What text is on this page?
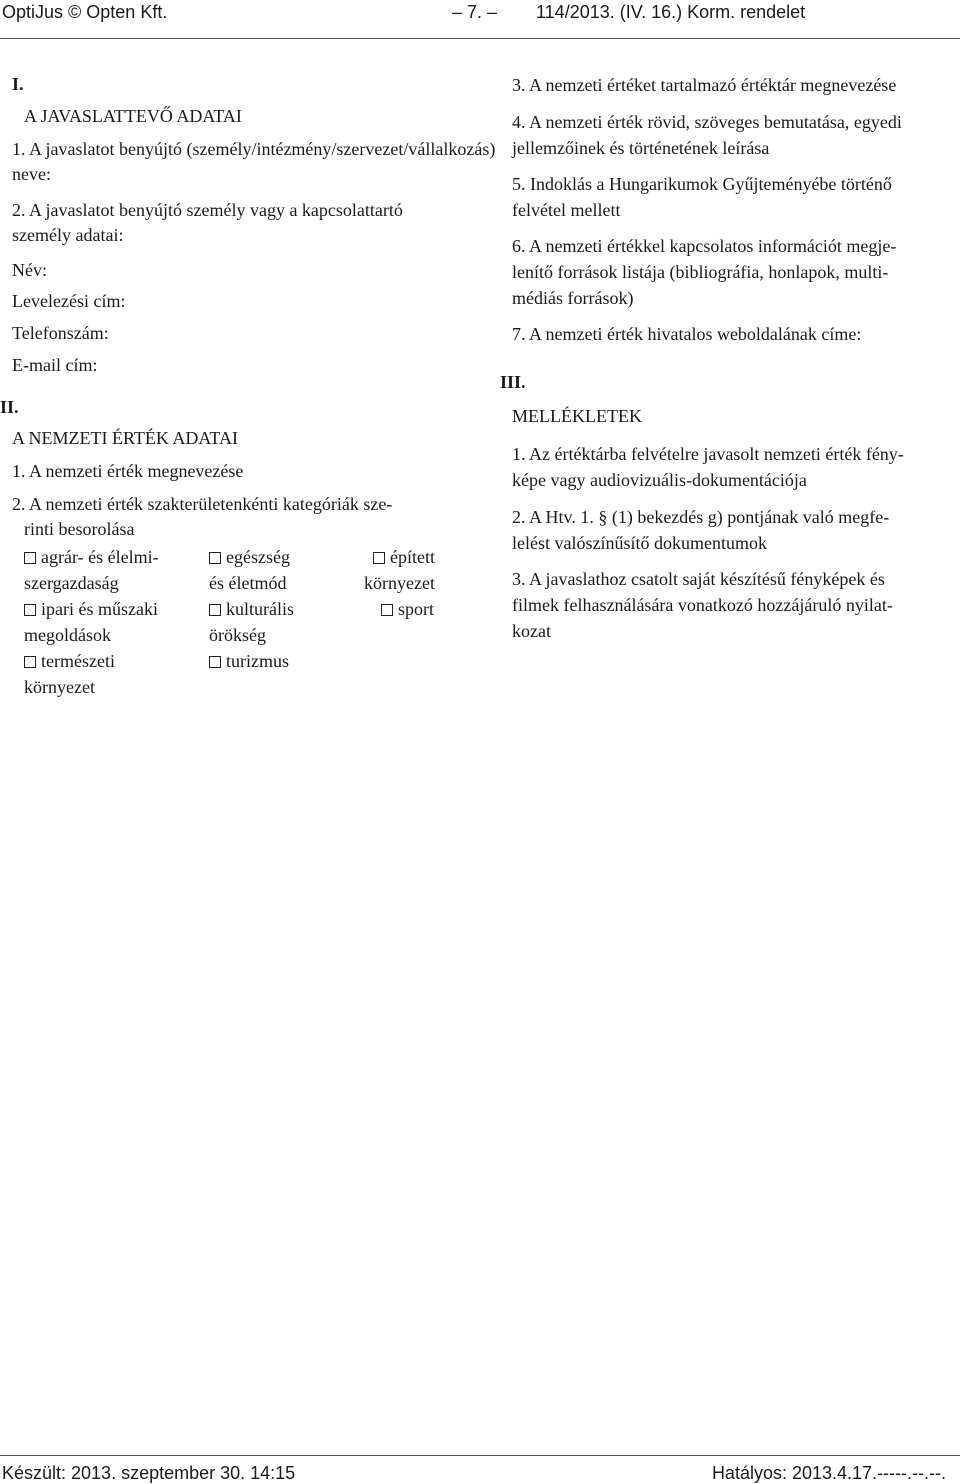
OptiJus © Opten Kft.	– 7. – 114/2013. (IV. 16.) Korm. rendelet
I.
A JAVASLATTEVŐ ADATAI
1. A javaslatot benyújtó (személy/intézmény/szervezet/vállalkozás)
neve:
2. A javaslatot benyújtó személy vagy a kapcsolattartó
személy adatai:
Név:
Levelezési cím:
Telefonszám:
E-mail cím:
II.
A NEMZETI ÉRTÉK ADATAI
1. A nemzeti érték megnevezése
2. A nemzeti érték szakterületenkénti kategóriák sze-
rinti besorolása
agrár- és élelmi-
szergazdaság
egészség
és életmód
épített
környezet
ipari és műszaki
megoldások
kulturális
örökség
sport
természeti
környezet
turizmus
3. A nemzeti értéket tartalmazó értéktár megnevezése
4. A nemzeti érték rövid, szöveges bemutatása, egyedi
jellemzőinek és történetének leírása
5. Indoklás a Hungarikumok Gyűjteményébe történő
felvétel mellett
6. A nemzeti értékkel kapcsolatos információt megje-
lenítő források listája (bibliográfia, honlapok, multi-
médiás források)
7. A nemzeti érték hivatalos weboldalának címe:
III.
MELLÉKLETEK
1. Az értéktárba felvételre javasolt nemzeti érték fény-
képe vagy audiovizuális-dokumentációja
2. A Htv. 1. § (1) bekezdés g) pontjának való megfe-
lelést valószínűsítő dokumentumok
3. A javaslathoz csatolt saját készítésű fényképek és
filmek felhasználására vonatkozó hozzájáruló nyilat-
kozat
Készült: 2013. szeptember 30. 14:15	Hatályos: 2013.4.17.-----.--.--.
